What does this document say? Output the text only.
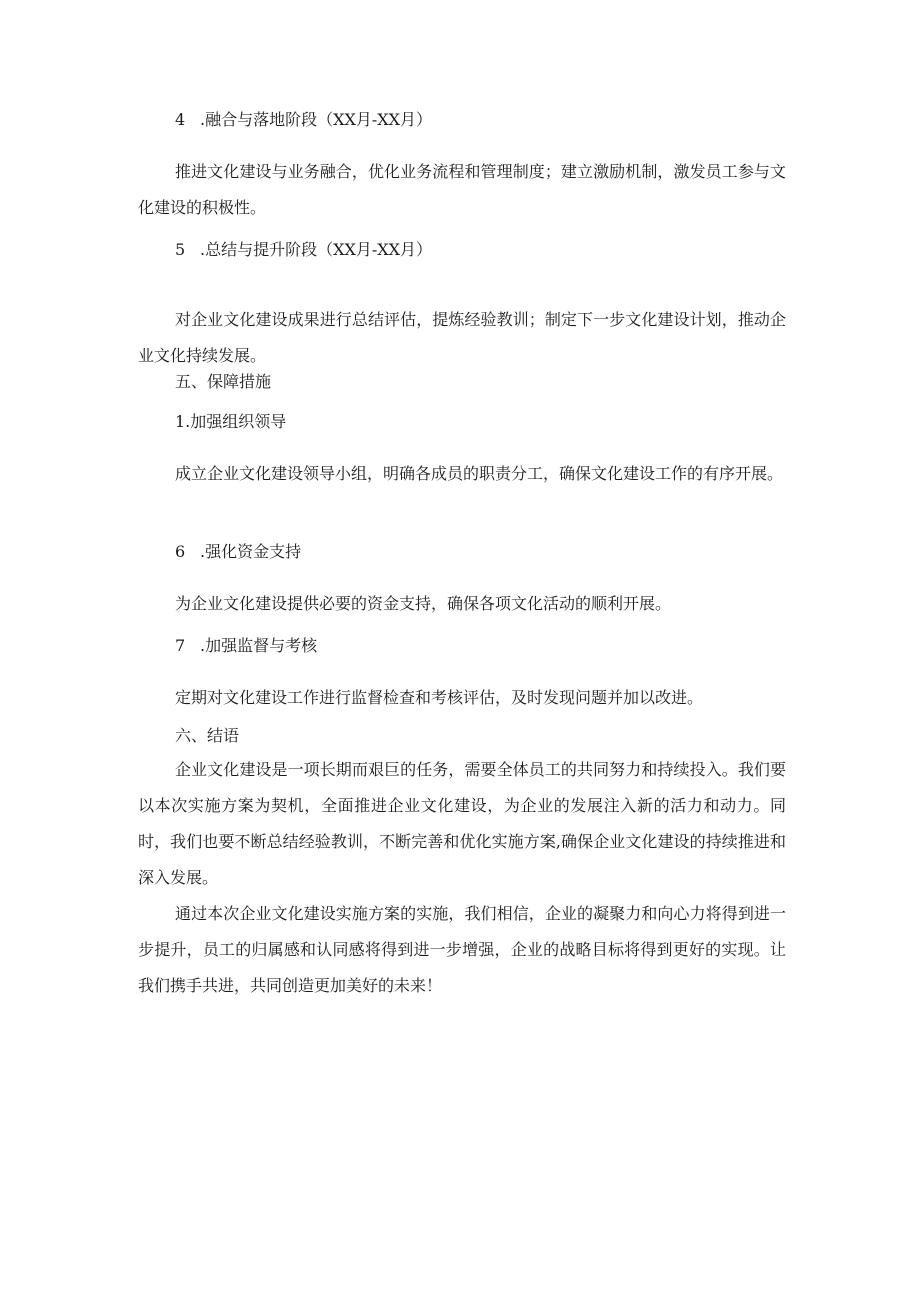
4 .融合与落地阶段（XX月-XX月）

推进文化建设与业务融合，优化业务流程和管理制度；建立激励机制，激发员工参与文化建设的积极性。

5 .总结与提升阶段（XX月-XX月）

对企业文化建设成果进行总结评估，提炼经验教训；制定下一步文化建设计划，推动企业文化持续发展。

五、保障措施
1.加强组织领导

成立企业文化建设领导小组，明确各成员的职责分工，确保文化建设工作的有序开展。

6 .强化资金支持

为企业文化建设提供必要的资金支持，确保各项文化活动的顺利开展。

7 .加强监督与考核

定期对文化建设工作进行监督检查和考核评估，及时发现问题并加以改进。

六、结语

企业文化建设是一项长期而艰巨的任务，需要全体员工的共同努力和持续投入。我们要以本次实施方案为契机，全面推进企业文化建设，为企业的发展注入新的活力和动力。同时，我们也要不断总结经验教训，不断完善和优化实施方案,确保企业文化建设的持续推进和深入发展。

通过本次企业文化建设实施方案的实施，我们相信，企业的凝聚力和向心力将得到进一步提升，员工的归属感和认同感将得到进一步增强，企业的战略目标将得到更好的实现。让我们携手共进，共同创造更加美好的未来！
